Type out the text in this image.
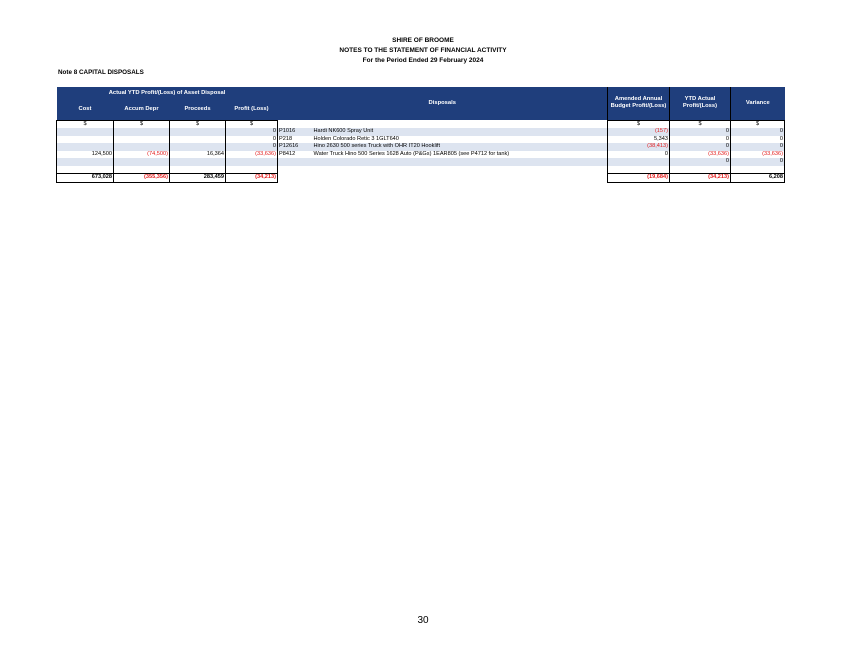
SHIRE OF BROOME
NOTES TO THE STATEMENT OF FINANCIAL ACTIVITY
For the Period Ended 29 February 2024
Note 8 CAPITAL DISPOSALS
Actual YTD Profit/(Loss) of Asset Disposal				Disposals		Amended Annual Budget Profit/(Loss)	YTD Actual Profit/(Loss)	Variance
Cost	Accum Depr	Proceeds	Profit (Loss)					
$	$	$	$			$	$	$
			0	P1016	Hardi NK600 Spray Unit	(157)	0	0
			0	P218	Holden Colorado Retic 3 1GLT640	5,343	0	0
			0	P12616	Hino 2630 500 series Truck with OHR IT20 Hooklift	(38,413)	0	0
124,500	(74,500)	16,364	(33,636)	P8412	Water Truck Hino 500 Series 1628 Auto (P&Gs) 1EAR805 (see P4712 for tank)	0	(33,636)	(33,636)
							0	0

673,028	(355,356)	283,459	(34,213)			(19,684)	(34,213)	6,208
30
